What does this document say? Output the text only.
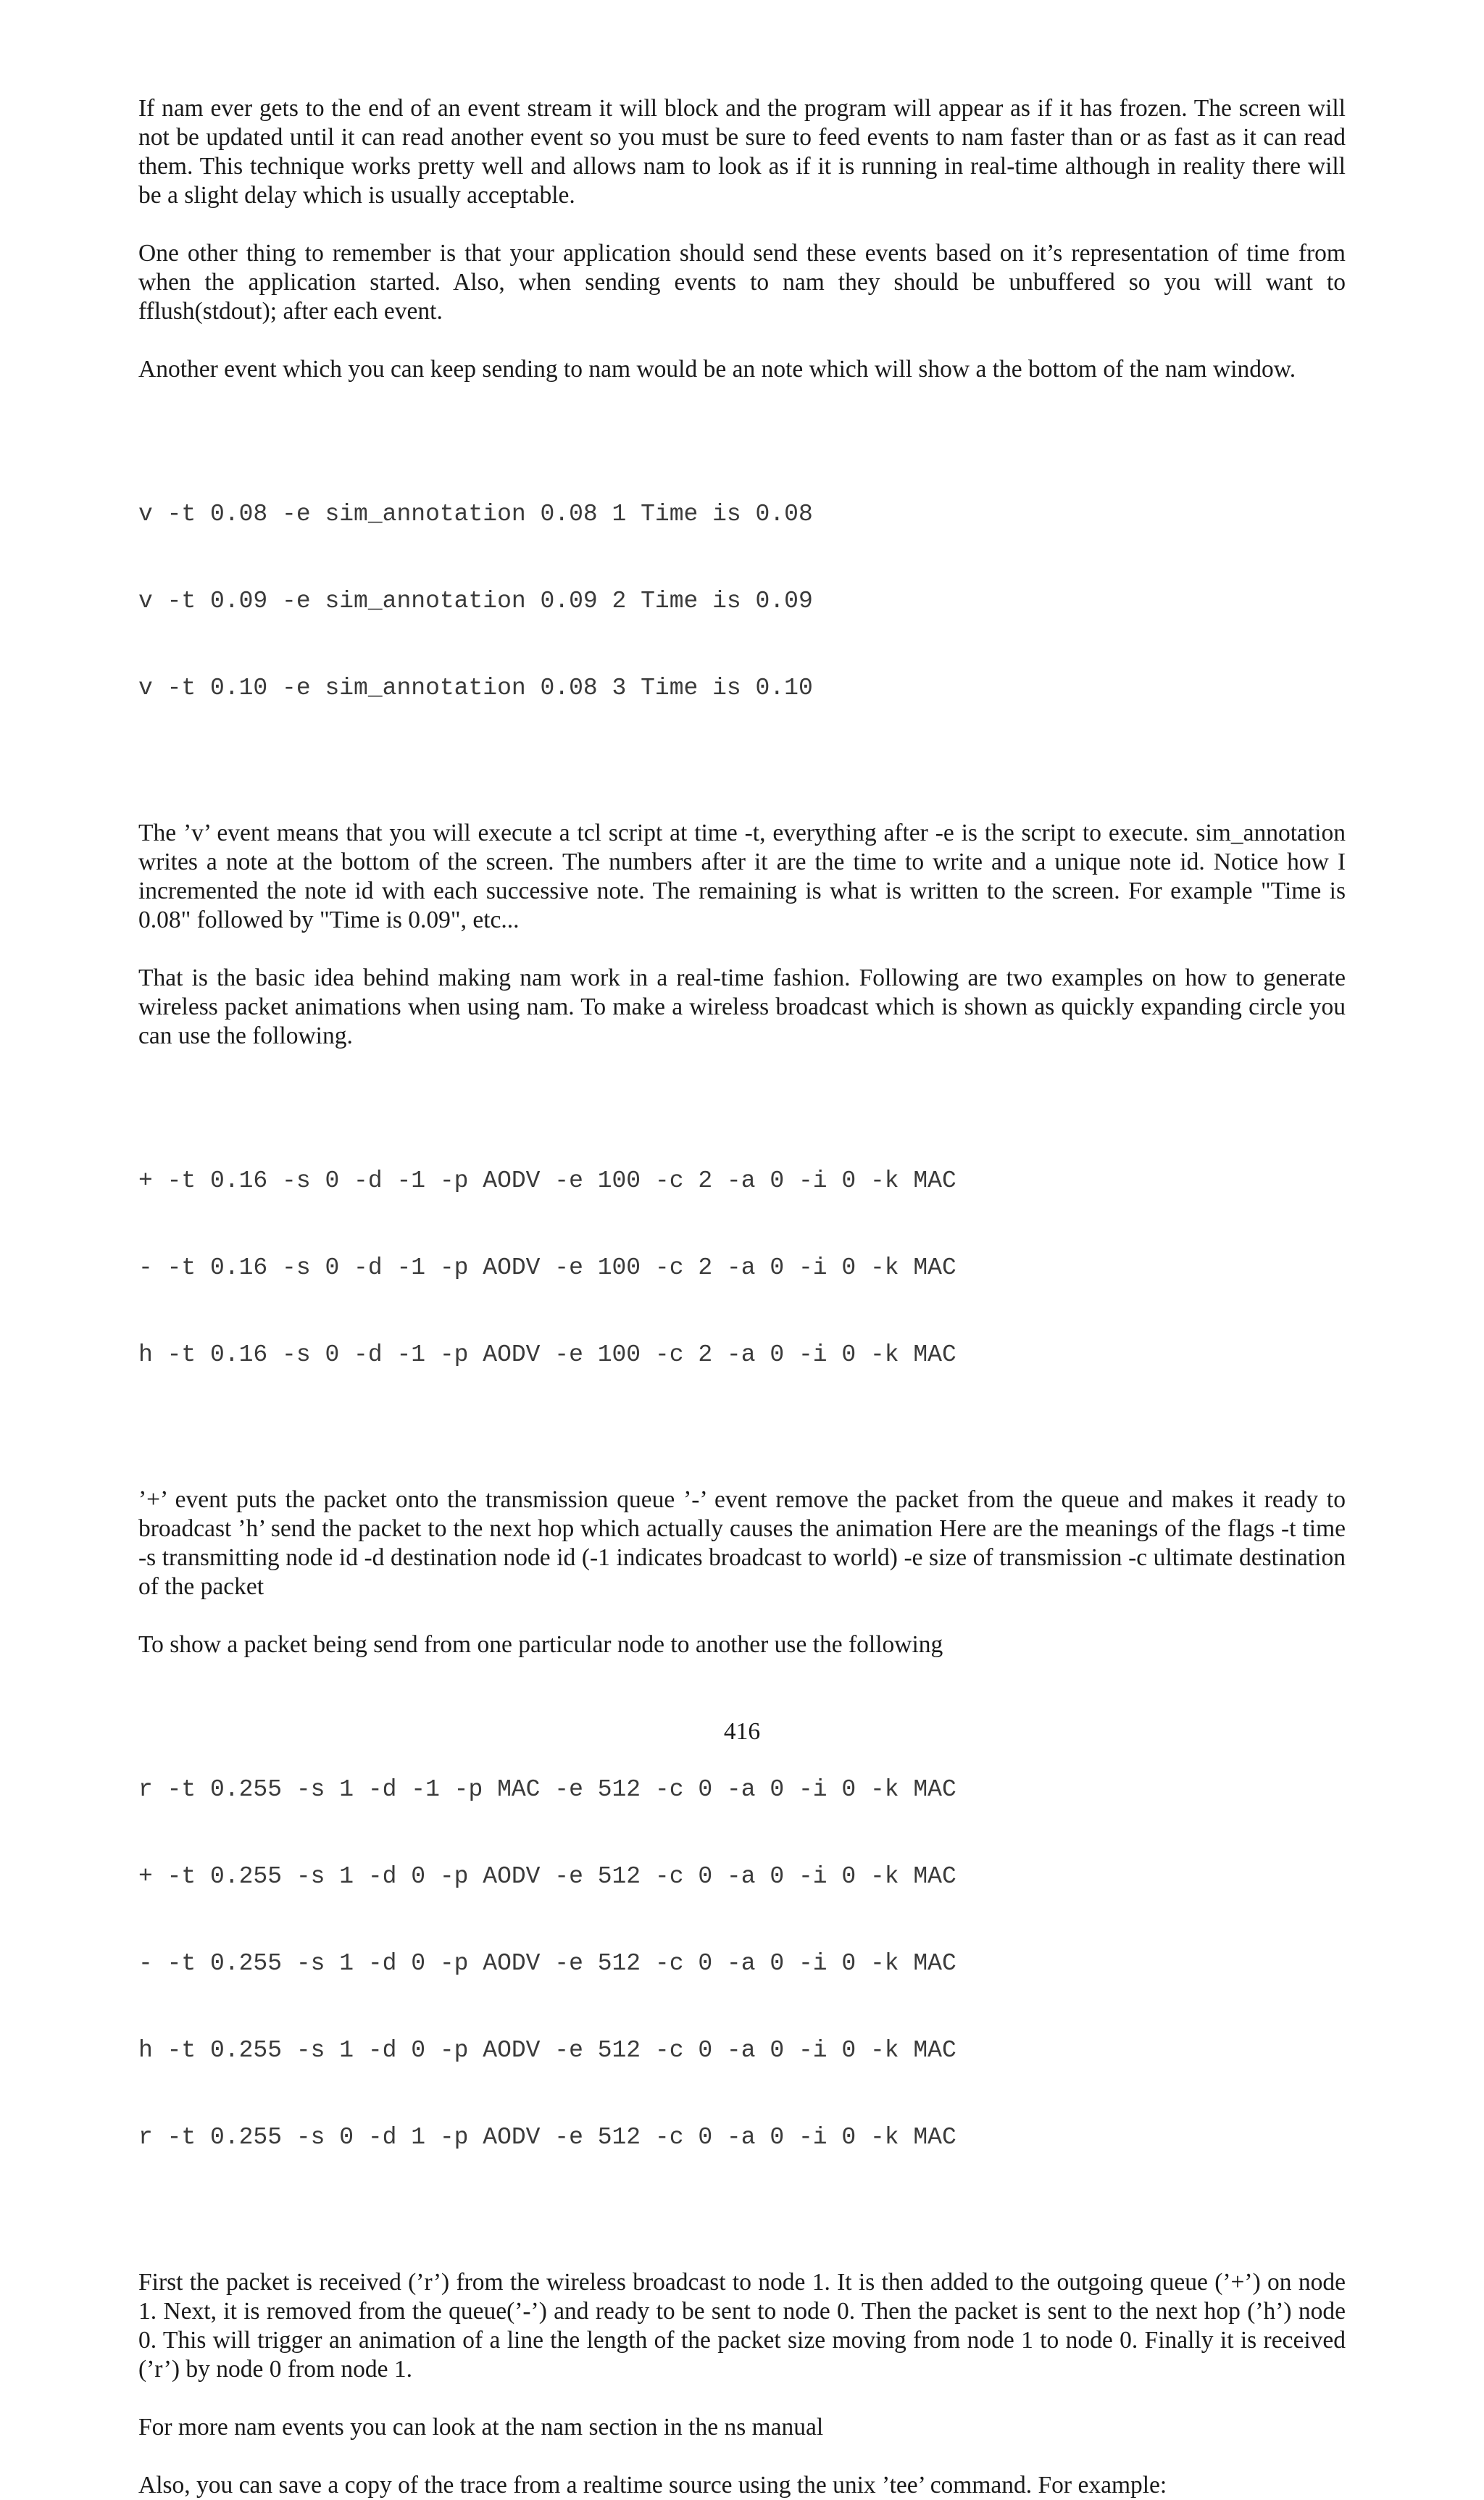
If nam ever gets to the end of an event stream it will block and the program will appear as if it has frozen. The screen will not be updated until it can read another event so you must be sure to feed events to nam faster than or as fast as it can read them. This technique works pretty well and allows nam to look as if it is running in real-time although in reality there will be a slight delay which is usually acceptable.

One other thing to remember is that your application should send these events based on it’s representation of time from when the application started. Also, when sending events to nam they should be unbuffered so you will want to fflush(stdout); after each event.

Another event which you can keep sending to nam would be an note which will show a the bottom of the nam window.

v -t 0.08 -e sim_annotation 0.08 1 Time is 0.08

v -t 0.09 -e sim_annotation 0.09 2 Time is 0.09

v -t 0.10 -e sim_annotation 0.08 3 Time is 0.10

The ’v’ event means that you will execute a tcl script at time -t, everything after -e is the script to execute. sim_annotation writes a note at the bottom of the screen. The numbers after it are the time to write and a unique note id. Notice how I incremented the note id with each successive note. The remaining is what is written to the screen. For example "Time is 0.08" followed by "Time is 0.09", etc...

That is the basic idea behind making nam work in a real-time fashion. Following are two examples on how to generate wireless packet animations when using nam. To make a wireless broadcast which is shown as quickly expanding circle you can use the following.

+ -t 0.16 -s 0 -d -1 -p AODV -e 100 -c 2 -a 0 -i 0 -k MAC

- -t 0.16 -s 0 -d -1 -p AODV -e 100 -c 2 -a 0 -i 0 -k MAC

h -t 0.16 -s 0 -d -1 -p AODV -e 100 -c 2 -a 0 -i 0 -k MAC

’+’ event puts the packet onto the transmission queue ’-’ event remove the packet from the queue and makes it ready to broadcast ’h’ send the packet to the next hop which actually causes the animation Here are the meanings of the flags -t time -s transmitting node id -d destination node id (-1 indicates broadcast to world) -e size of transmission -c ultimate destination of the packet

To show a packet being send from one particular node to another use the following

r -t 0.255 -s 1 -d -1 -p MAC -e 512 -c 0 -a 0 -i 0 -k MAC

+ -t 0.255 -s 1 -d 0 -p AODV -e 512 -c 0 -a 0 -i 0 -k MAC

- -t 0.255 -s 1 -d 0 -p AODV -e 512 -c 0 -a 0 -i 0 -k MAC

h -t 0.255 -s 1 -d 0 -p AODV -e 512 -c 0 -a 0 -i 0 -k MAC

r -t 0.255 -s 0 -d 1 -p AODV -e 512 -c 0 -a 0 -i 0 -k MAC

First the packet is received (’r’) from the wireless broadcast to node 1. It is then added to the outgoing queue (’+’) on node 1. Next, it is removed from the queue(’-’) and ready to be sent to node 0. Then the packet is sent to the next hop (’h’) node 0. This will trigger an animation of a line the length of the packet size moving from node 1 to node 0. Finally it is received (’r’) by node 0 from node 1.

For more nam events you can look at the nam section in the ns manual

Also, you can save a copy of the trace from a realtime source using the unix ’tee’ command. For example:

416
